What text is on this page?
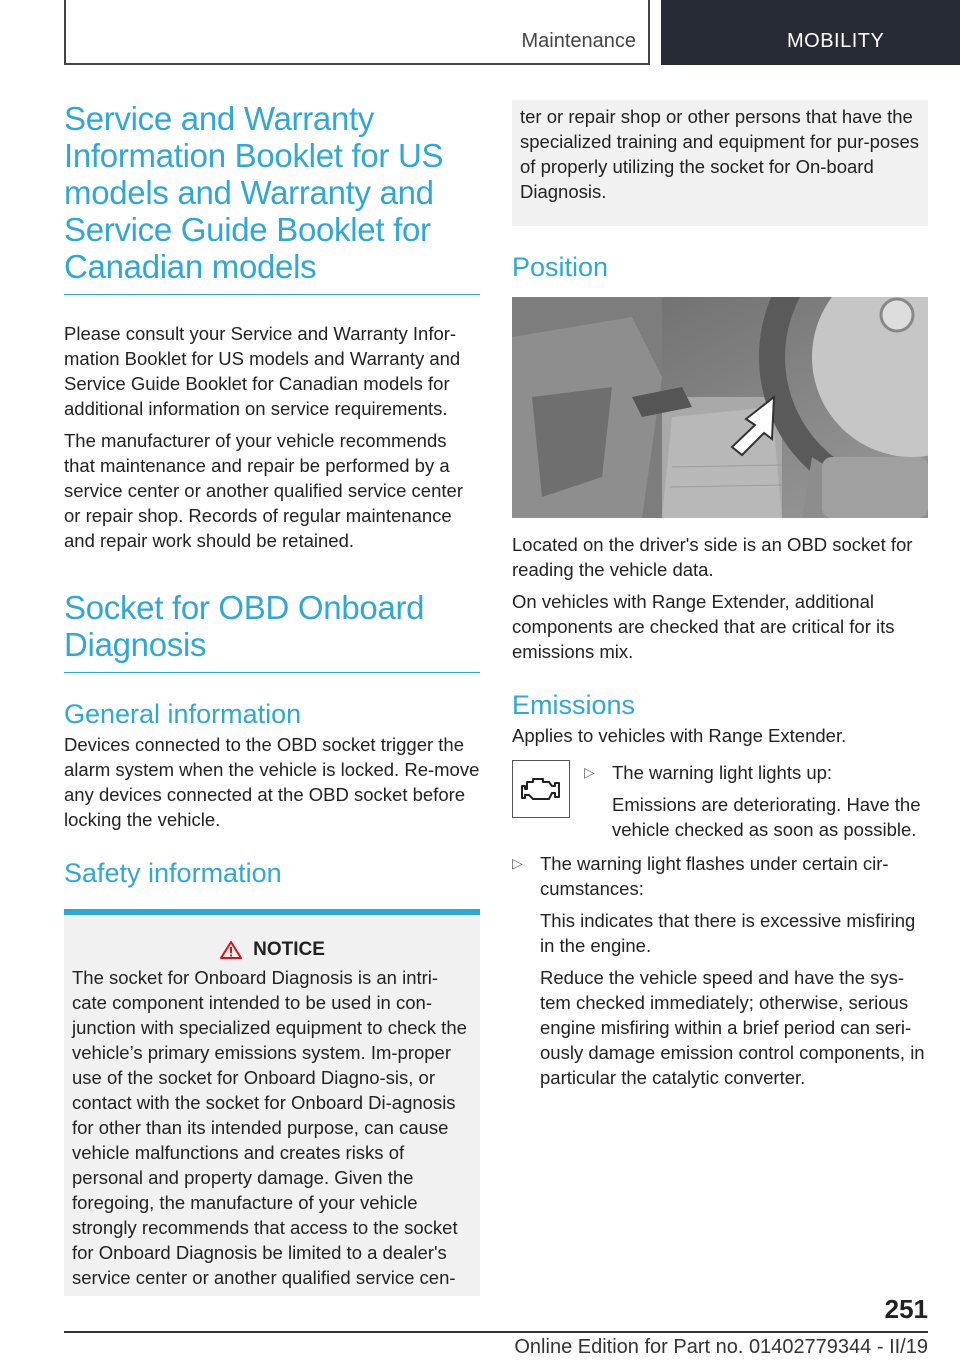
Maintenance	MOBILITY
Service and Warranty Information Booklet for US models and Warranty and Service Guide Booklet for Canadian models

Please consult your Service and Warranty Infor-mation Booklet for US models and Warranty and Service Guide Booklet for Canadian models for additional information on service requirements.

The manufacturer of your vehicle recommends that maintenance and repair be performed by a service center or another qualified service center or repair shop. Records of regular maintenance and repair work should be retained.

Socket for OBD Onboard Diagnosis
General information

Devices connected to the OBD socket trigger the alarm system when the vehicle is locked. Re-move any devices connected at the OBD socket before locking the vehicle.

Safety information
NOTICE

The socket for Onboard Diagnosis is an intri-cate component intended to be used in con-junction with specialized equipment to check the vehicle’s primary emissions system. Im-proper use of the socket for Onboard Diagno-sis, or contact with the socket for Onboard Di-agnosis for other than its intended purpose, can cause vehicle malfunctions and creates risks of personal and property damage. Given the foregoing, the manufacture of your vehicle strongly recommends that access to the socket for Onboard Diagnosis be limited to a dealer's service center or another qualified service cen-

ter or repair shop or other persons that have the specialized training and equipment for pur-poses of properly utilizing the socket for On-board Diagnosis.

Position

Located on the driver's side is an OBD socket for reading the vehicle data.

On vehicles with Range Extender, additional components are checked that are critical for its emissions mix.

Emissions

Applies to vehicles with Range Extender.

▷ The warning light lights up:

Emissions are deteriorating. Have the vehicle checked as soon as possible.

▷ The warning light flashes under certain cir-cumstances:

This indicates that there is excessive misfiring in the engine.

Reduce the vehicle speed and have the sys-tem checked immediately; otherwise, serious engine misfiring within a brief period can seri-ously damage emission control components, in particular the catalytic converter.

251
Online Edition for Part no. 01402779344 - II/19
